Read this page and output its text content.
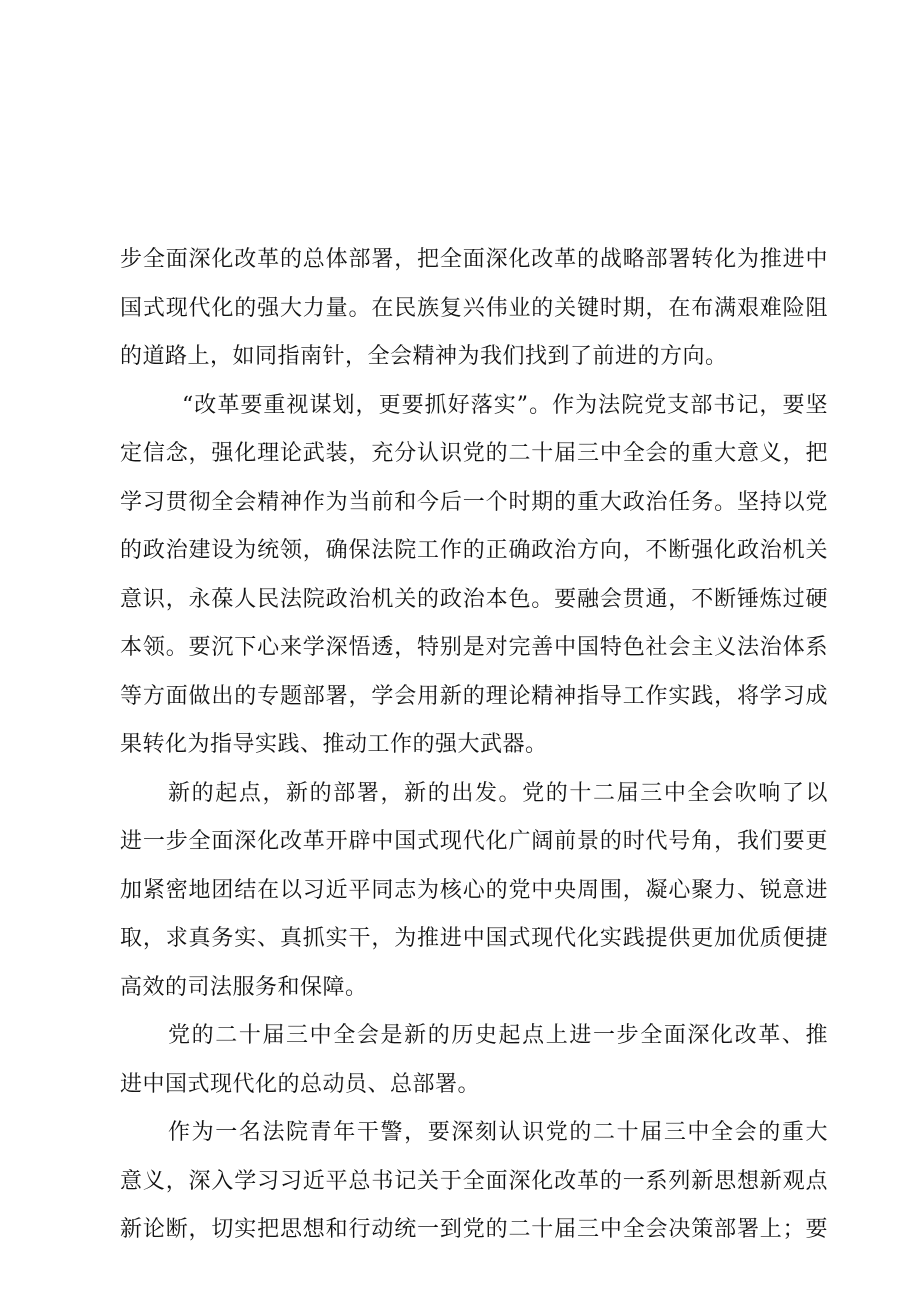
步全面深化改革的总体部署，把全面深化改革的战略部署转化为推进中
国式现代化的强大力量。在民族复兴伟业的关键时期，在布满艰难险阻
的道路上，如同指南针，全会精神为我们找到了前进的方向。
“改革要重视谋划，更要抓好落实”。作为法院党支部书记，要坚
定信念，强化理论武装，充分认识党的二十届三中全会的重大意义，把
学习贯彻全会精神作为当前和今后一个时期的重大政治任务。坚持以党
的政治建设为统领，确保法院工作的正确政治方向，不断强化政治机关
意识，永葆人民法院政治机关的政治本色。要融会贯通，不断锤炼过硬
本领。要沉下心来学深悟透，特别是对完善中国特色社会主义法治体系
等方面做出的专题部署，学会用新的理论精神指导工作实践，将学习成
果转化为指导实践、推动工作的强大武器。
新的起点，新的部署，新的出发。党的十二届三中全会吹响了以
进一步全面深化改革开辟中国式现代化广阔前景的时代号角，我们要更
加紧密地团结在以习近平同志为核心的党中央周围，凝心聚力、锐意进
取，求真务实、真抓实干，为推进中国式现代化实践提供更加优质便捷
高效的司法服务和保障。
党的二十届三中全会是新的历史起点上进一步全面深化改革、推
进中国式现代化的总动员、总部署。
作为一名法院青年干警，要深刻认识党的二十届三中全会的重大
意义，深入学习习近平总书记关于全面深化改革的一系列新思想新观点
新论断，切实把思想和行动统一到党的二十届三中全会决策部署上；要
